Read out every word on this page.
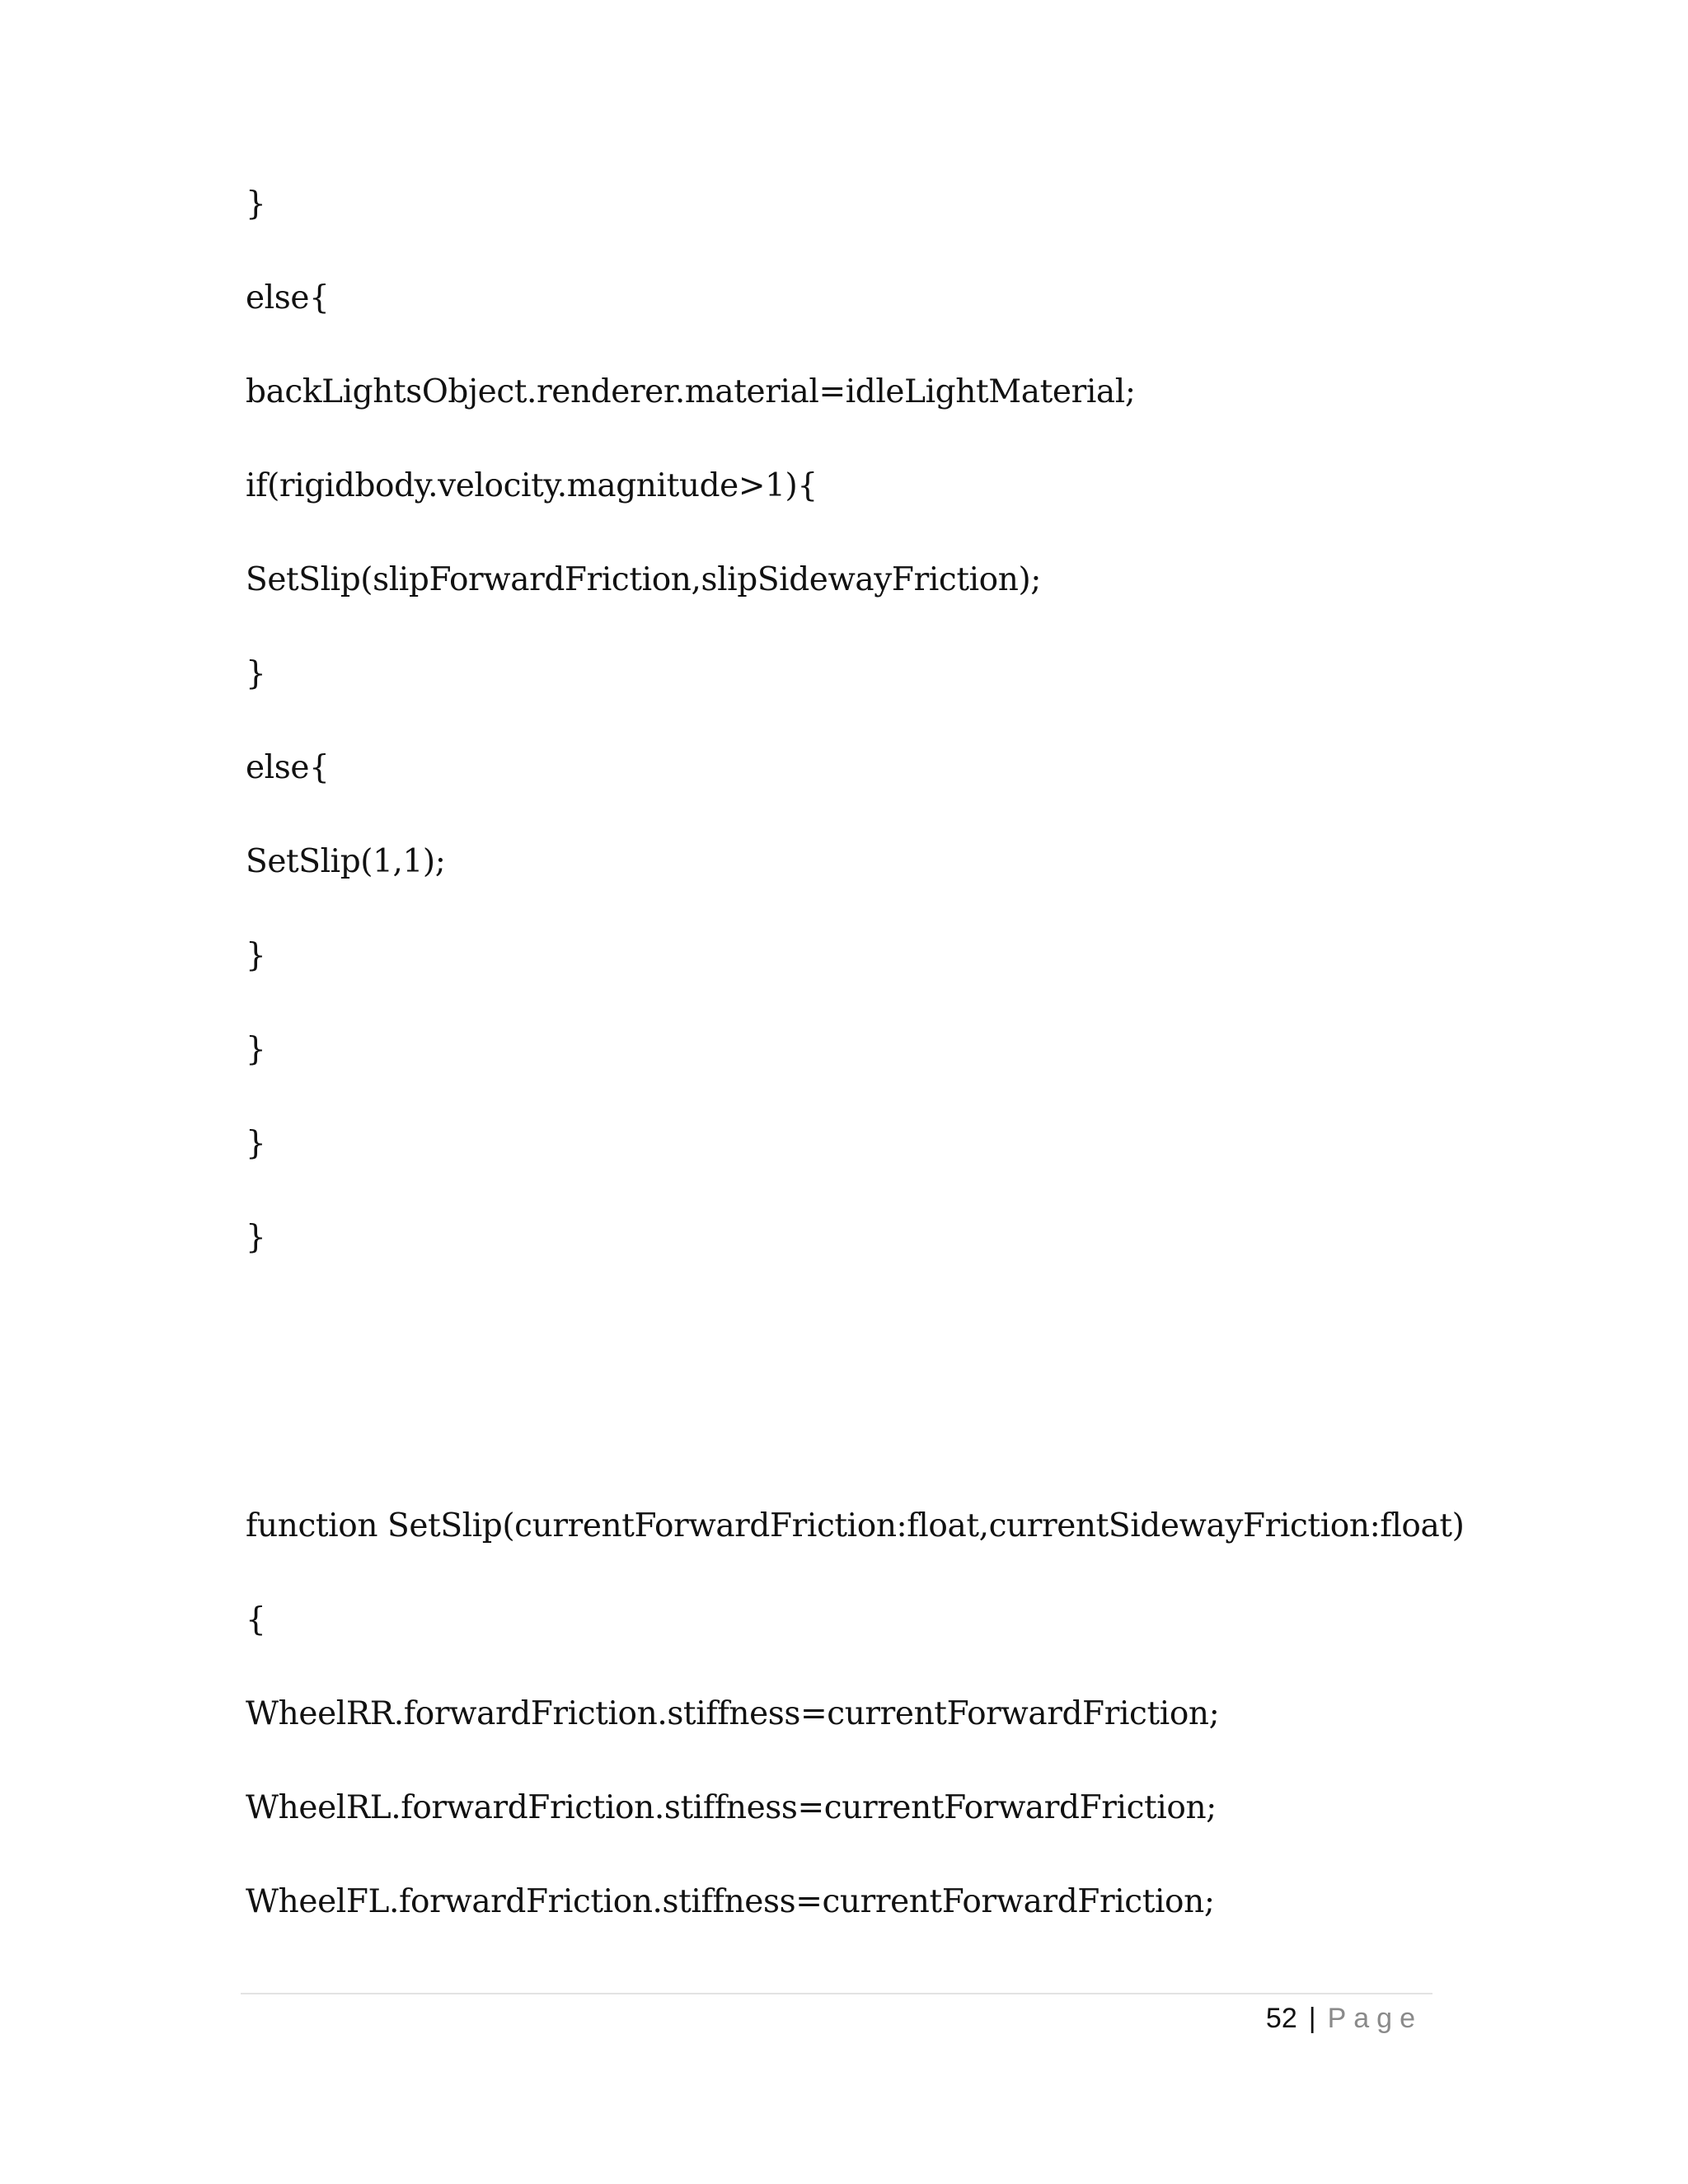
}
else{
backLightsObject.renderer.material=idleLightMaterial;
if(rigidbody.velocity.magnitude>1){
SetSlip(slipForwardFriction,slipSidewayFriction);
}
else{
SetSlip(1,1);
}
}
}
}
function SetSlip(currentForwardFriction:float,currentSidewayFriction:float)
{
WheelRR.forwardFriction.stiffness=currentForwardFriction;
WheelRL.forwardFriction.stiffness=currentForwardFriction;
WheelFL.forwardFriction.stiffness=currentForwardFriction;
52 | Page
